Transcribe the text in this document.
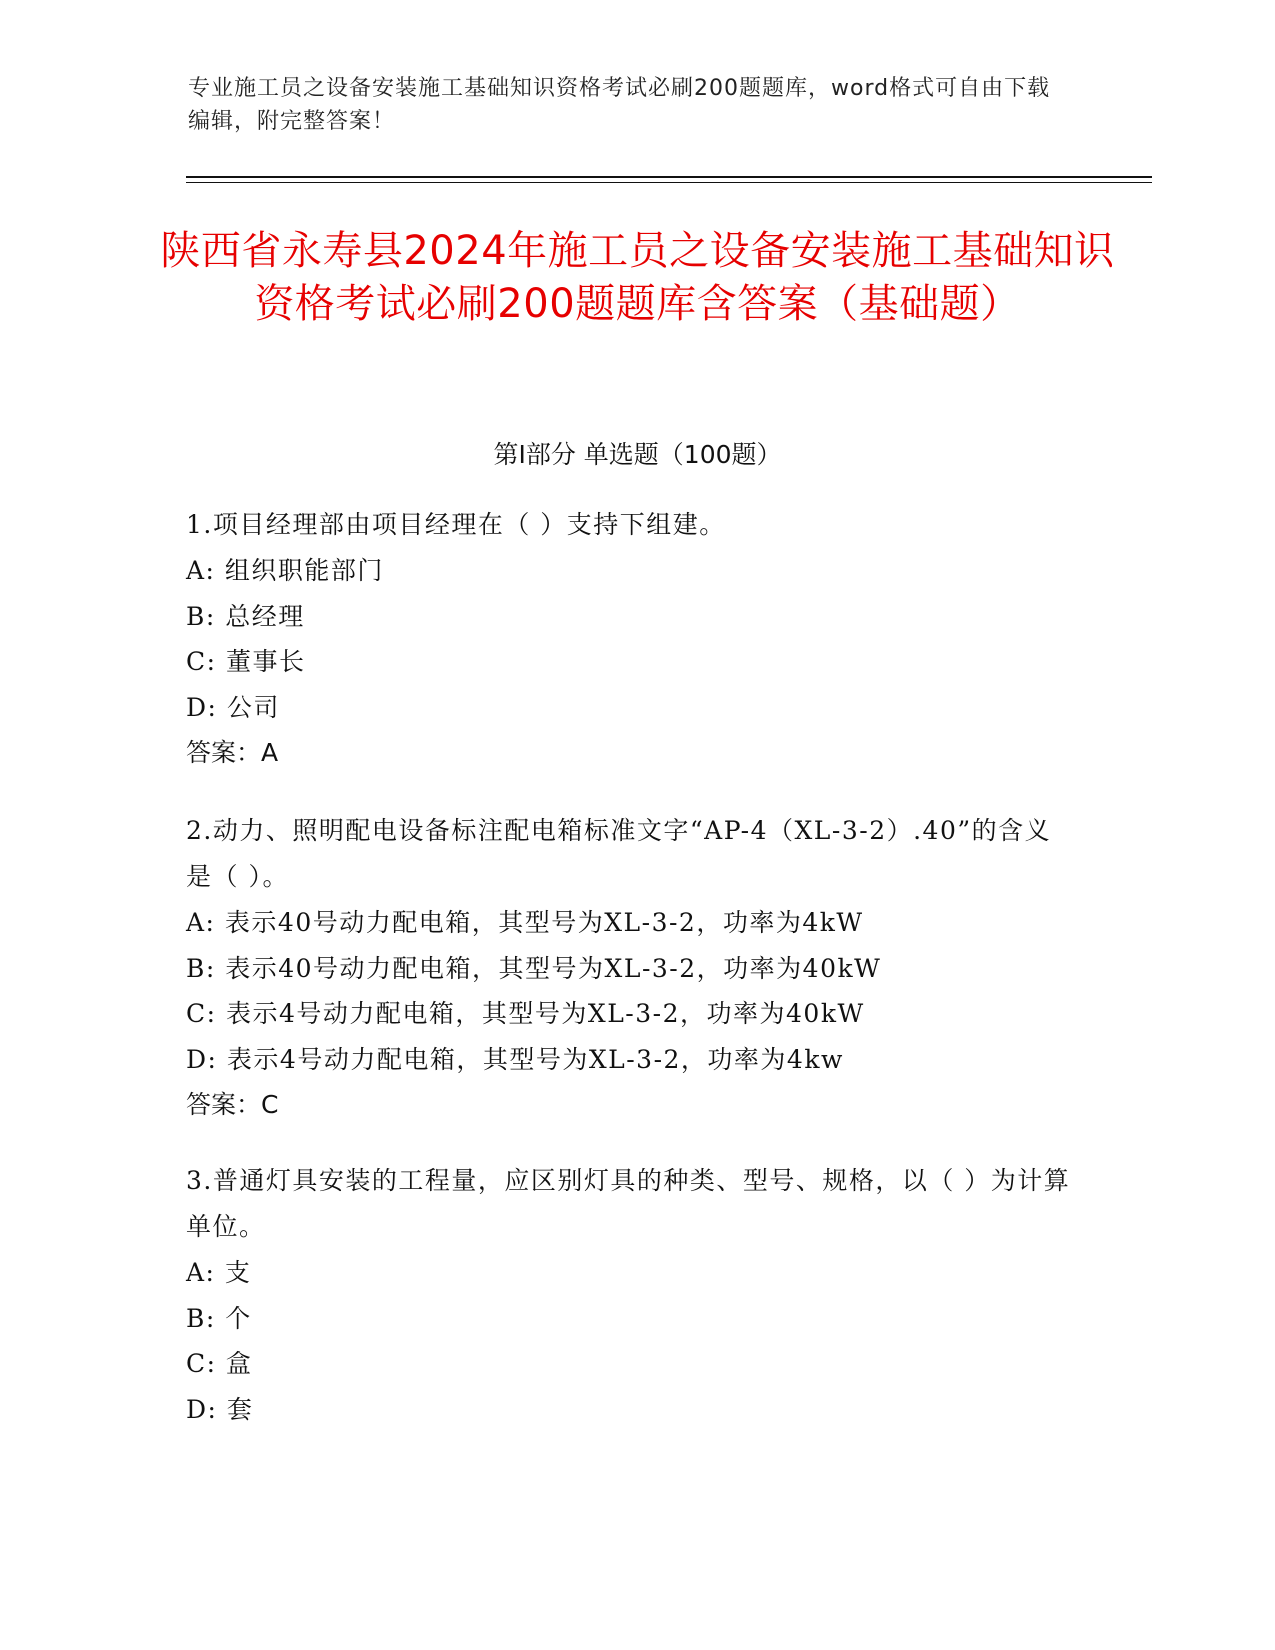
专业施工员之设备安装施工基础知识资格考试必刷200题题库，word格式可自由下载编辑，附完整答案！
陕西省永寿县2024年施工员之设备安装施工基础知识资格考试必刷200题题库含答案（基础题）
第I部分 单选题（100题）

1.项目经理部由项目经理在（ ）支持下组建。

A: 组织职能部门

B: 总经理

C: 董事长

D: 公司

答案：A

2.动力、照明配电设备标注配电箱标准文字“AP-4（XL-3-2）.40”的含义是（ ）。

A: 表示40号动力配电箱，其型号为XL-3-2，功率为4kW

B: 表示40号动力配电箱，其型号为XL-3-2，功率为40kW

C: 表示4号动力配电箱，其型号为XL-3-2，功率为40kW

D: 表示4号动力配电箱，其型号为XL-3-2，功率为4kw

答案：C

3.普通灯具安装的工程量，应区别灯具的种类、型号、规格，以（ ）为计算单位。

A: 支

B: 个

C: 盒

D: 套
